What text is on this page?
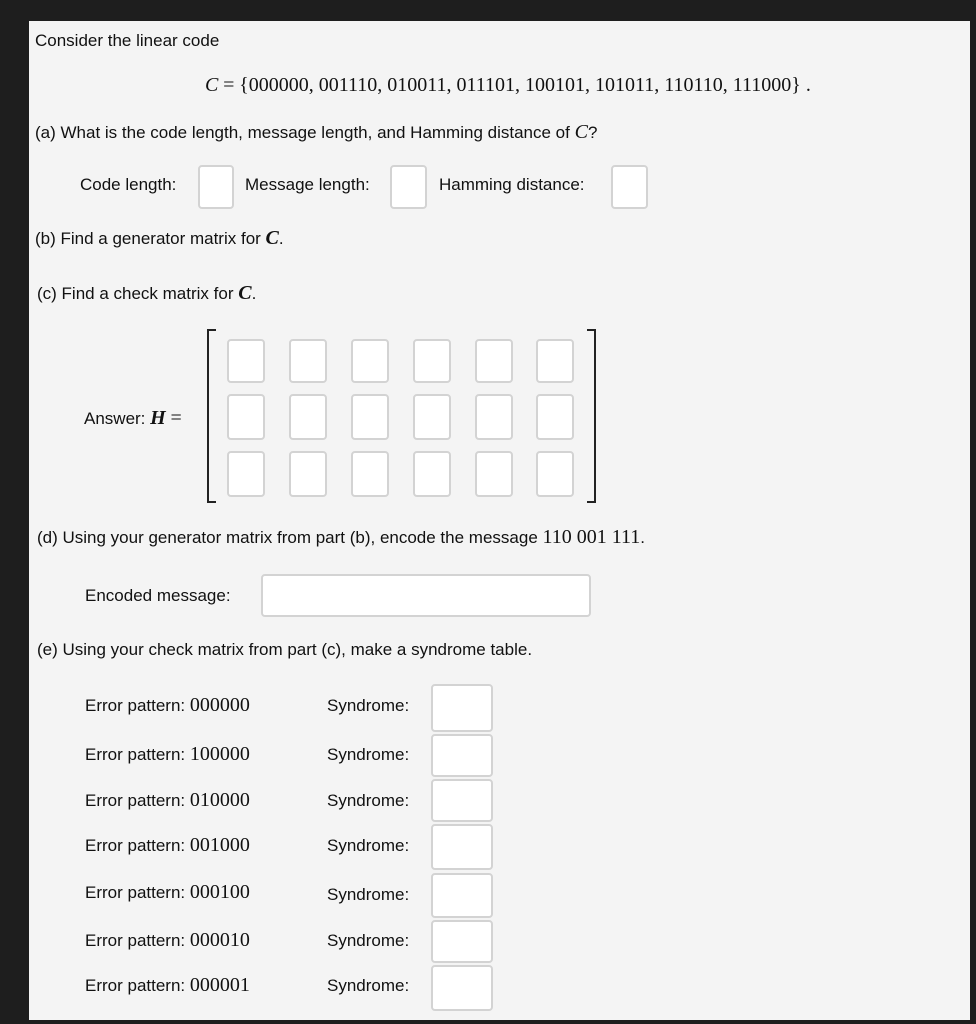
Consider the linear code
C = {000000, 001110, 010011, 011101, 100101, 101011, 110110, 111000} .
(a) What is the code length, message length, and Hamming distance of C?
Code length:	Message length:	Hamming distance:
(b) Find a generator matrix for C.
(c) Find a check matrix for C.
Answer: H =
(d) Using your generator matrix from part (b), encode the message 110 001 111.
Encoded message:
(e) Using your check matrix from part (c), make a syndrome table.
Error pattern: 000000	Syndrome:
Error pattern: 100000	Syndrome:
Error pattern: 010000	Syndrome:
Error pattern: 001000	Syndrome:
Error pattern: 000100	Syndrome:
Error pattern: 000010	Syndrome:
Error pattern: 000001	Syndrome:
